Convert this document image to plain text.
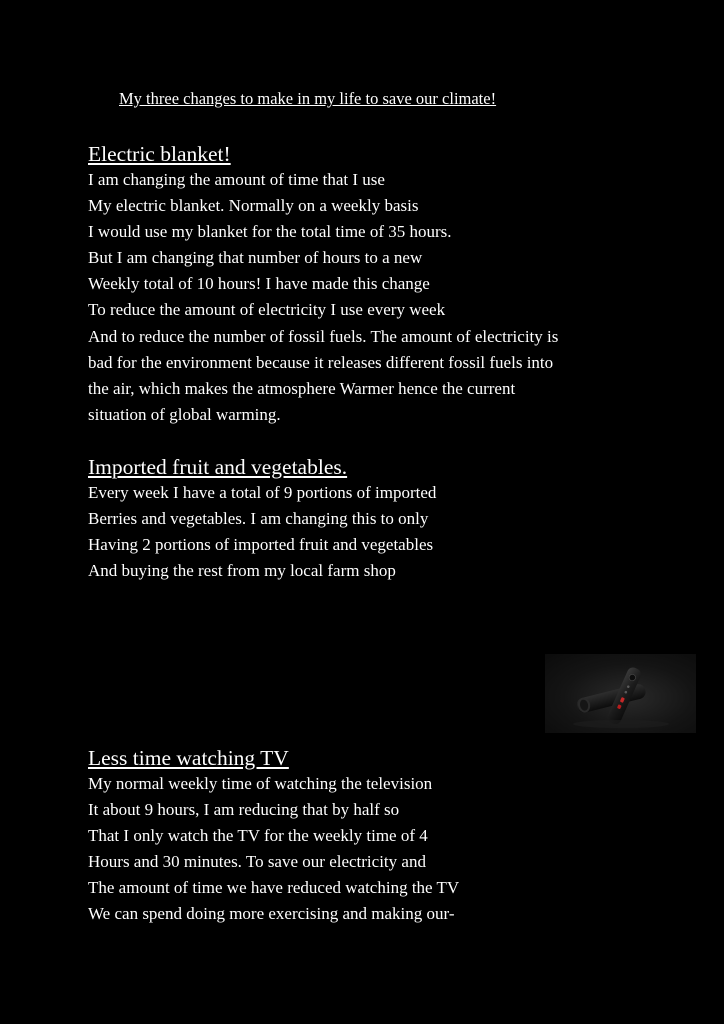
My three changes to make in my life to save our climate!
Electric blanket!
I am changing the amount of time that I use
My electric blanket. Normally on a weekly basis
I would use my blanket for the total time of 35 hours.
But I am changing that number of hours to a new
Weekly total of 10 hours! I have made this change
To reduce the amount of electricity I use every week
And to reduce the number of fossil fuels. The amount of electricity is
bad for the environment because it releases different fossil fuels into
the air, which makes the atmosphere Warmer hence the current
situation of global warming.
Imported fruit and vegetables.
Every week I have a total of 9 portions of imported
Berries and vegetables. I am changing this to only
Having 2 portions of imported fruit and vegetables
And buying the rest from my local farm shop
Less time watching TV
My normal weekly time of watching the television
It about 9 hours, I am reducing that by half so
That I only watch the TV for the weekly time of 4
Hours and 30 minutes. To save our electricity and
The amount of time we have reduced watching the TV
We can spend doing more exercising and making our-
